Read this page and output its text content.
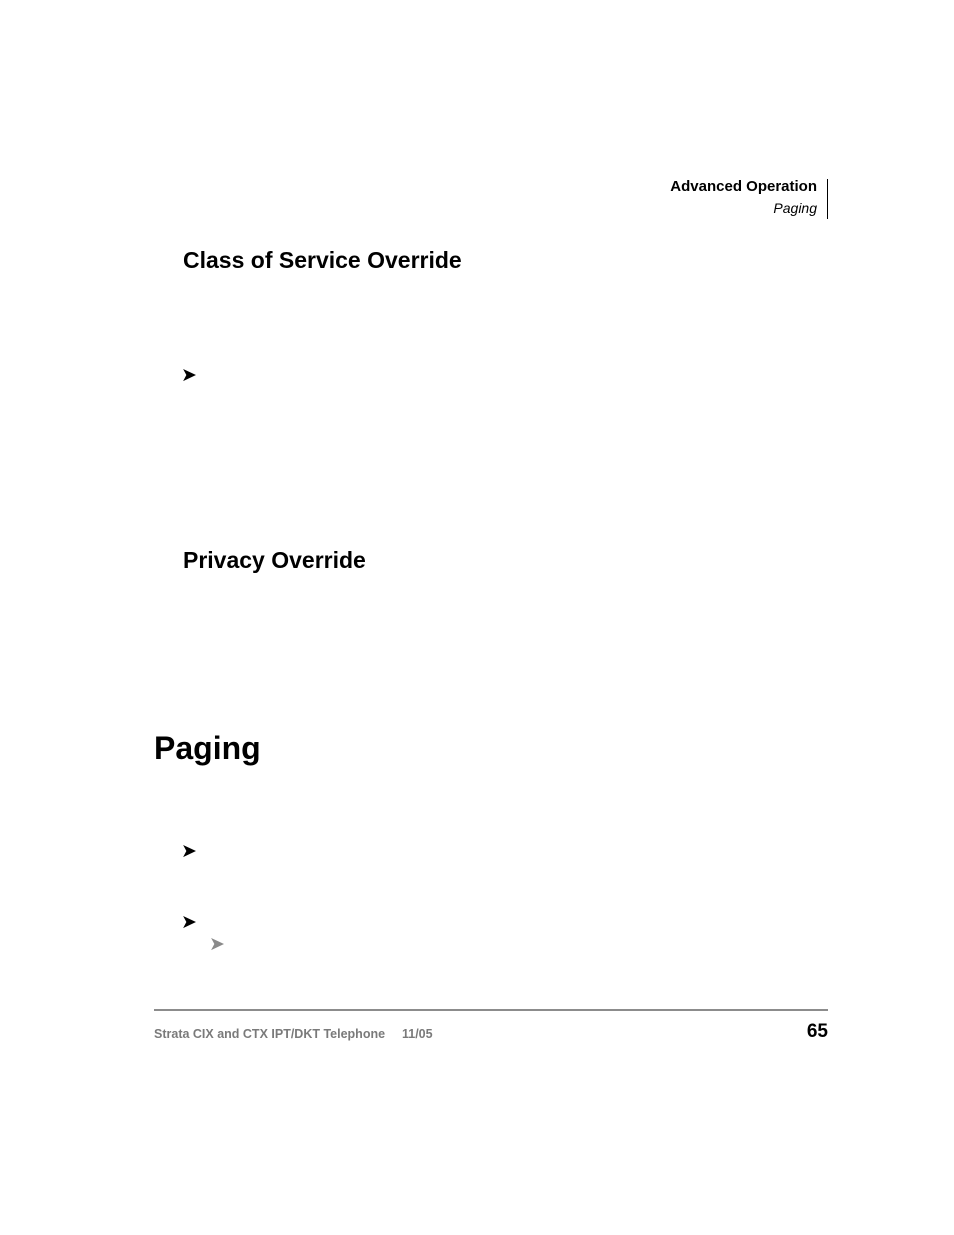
Advanced Operation
Paging
Class of Service Override
➤
Privacy Override
Paging
➤
➤
➤
Strata CIX and CTX IPT/DKT Telephone 11/05	65
